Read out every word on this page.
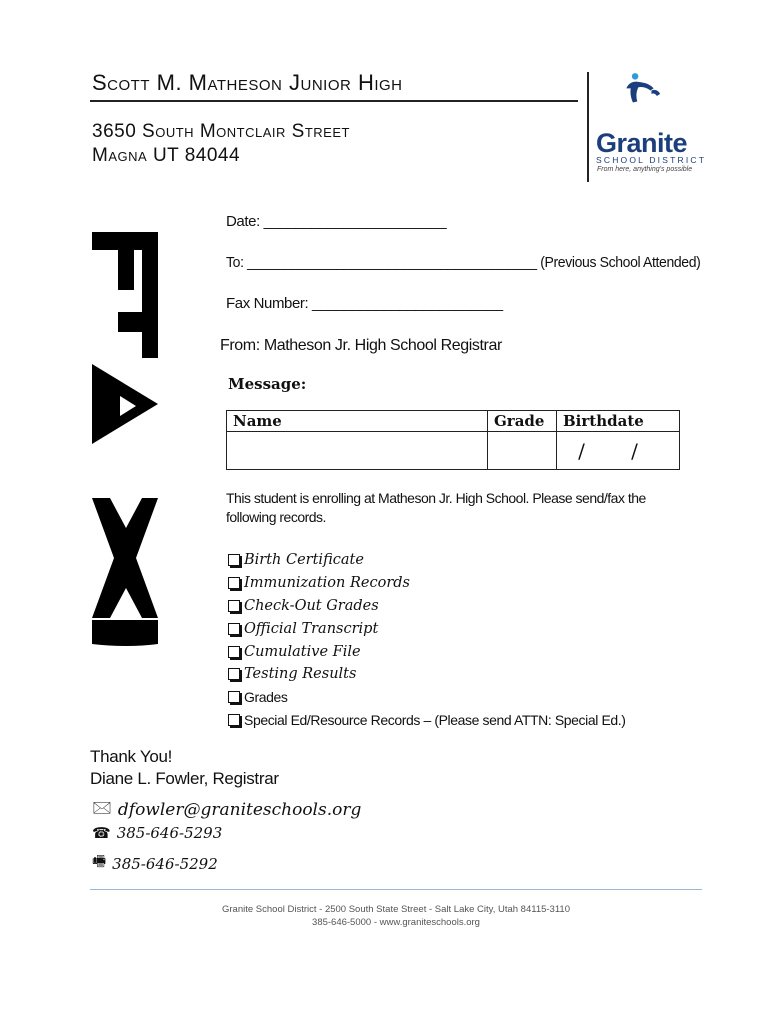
Scott M. Matheson Junior High
3650 South Montclair Street
Magna UT 84044	Granite
SCHOOL DISTRICT
From here, anything's possible
Date: _______________________
To: _______________________________________ (Previous School Attended)
Fax Number: ________________________
From: Matheson Jr. High School Registrar
Message:
Name	Grade	Birthdate
		/ /
This student is enrolling at Matheson Jr. High School. Please send/fax the following records.
Birth Certificate
Immunization Records
Check-Out Grades
Official Transcript
Cumulative File
Testing Results
Grades
Special Ed/Resource Records – (Please send ATTN: Special Ed.)
Thank You!
Diane L. Fowler, Registrar
🖂 dfowler@graniteschools.org
☎ 385-646-5293
🖷 385-646-5292
Granite School District - 2500 South State Street - Salt Lake City, Utah 84115-3110
385-646-5000 - www.graniteschools.org
